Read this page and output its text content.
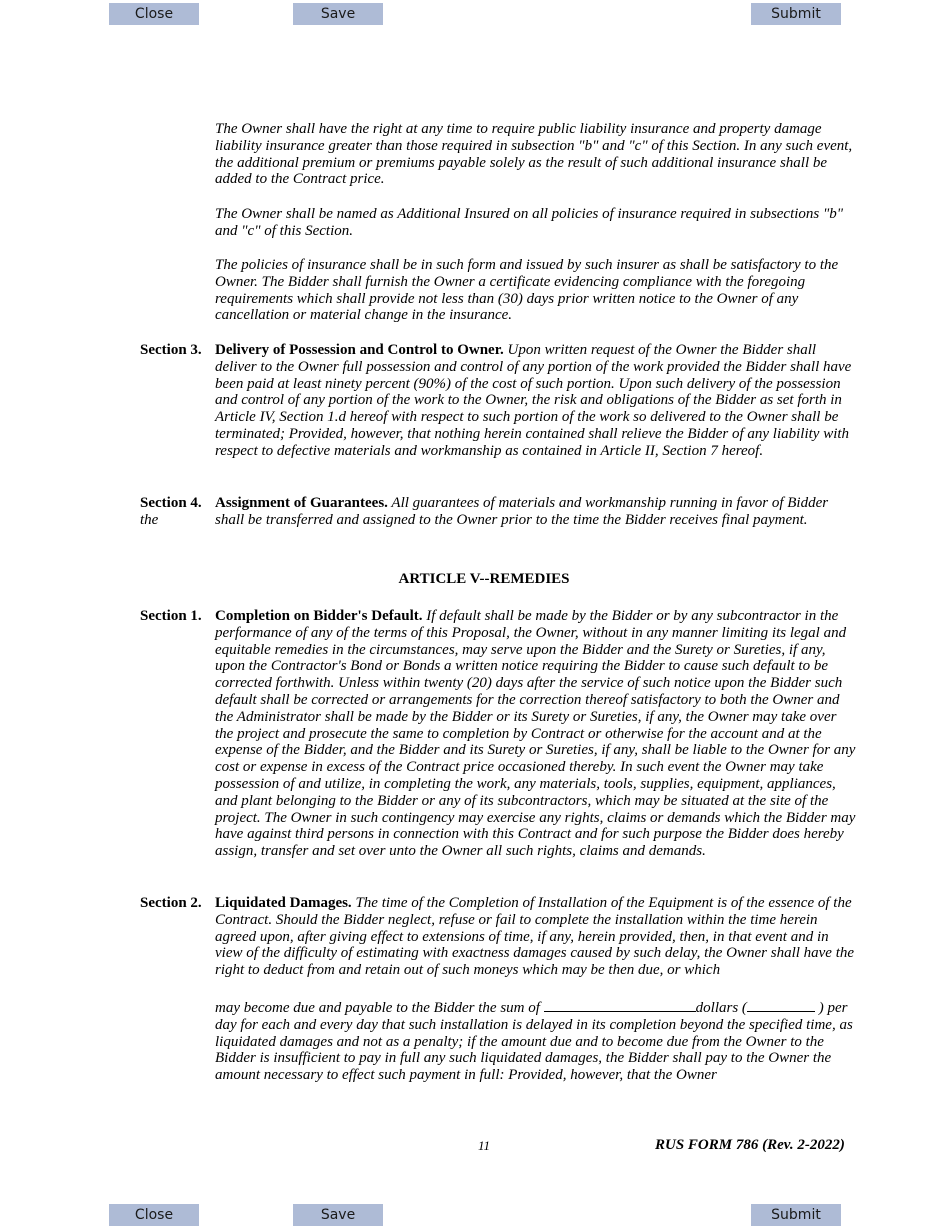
Close	Save	Submit
The Owner shall have the right at any time to require public liability insurance and property damage liability insurance greater than those required in subsection "b" and "c" of this Section. In any such event, the additional premium or premiums payable solely as the result of such additional insurance shall be added to the Contract price.
The Owner shall be named as Additional Insured on all policies of insurance required in subsections "b" and "c" of this Section.
The policies of insurance shall be in such form and issued by such insurer as shall be satisfactory to the Owner. The Bidder shall furnish the Owner a certificate evidencing compliance with the foregoing requirements which shall provide not less than (30) days prior written notice to the Owner of any cancellation or material change in the insurance.
Section 3. Delivery of Possession and Control to Owner. Upon written request of the Owner the Bidder shall deliver to the Owner full possession and control of any portion of the work provided the Bidder shall have been paid at least ninety percent (90%) of the cost of such portion. Upon such delivery of the possession and control of any portion of the work to the Owner, the risk and obligations of the Bidder as set forth in Article IV, Section 1.d hereof with respect to such portion of the work so delivered to the Owner shall be terminated; Provided, however, that nothing herein contained shall relieve the Bidder of any liability with respect to defective materials and workmanship as contained in Article II, Section 7 hereof.
Section 4.
the
Assignment of Guarantees. All guarantees of materials and workmanship running in favor of Bidder shall be transferred and assigned to the Owner prior to the time the Bidder receives final payment.
ARTICLE V--REMEDIES
Section 1. Completion on Bidder's Default. If default shall be made by the Bidder or by any subcontractor in the performance of any of the terms of this Proposal, the Owner, without in any manner limiting its legal and equitable remedies in the circumstances, may serve upon the Bidder and the Surety or Sureties, if any, upon the Contractor's Bond or Bonds a written notice requiring the Bidder to cause such default to be corrected forthwith. Unless within twenty (20) days after the service of such notice upon the Bidder such default shall be corrected or arrangements for the correction thereof satisfactory to both the Owner and the Administrator shall be made by the Bidder or its Surety or Sureties, if any, the Owner may take over the project and prosecute the same to completion by Contract or otherwise for the account and at the expense of the Bidder, and the Bidder and its Surety or Sureties, if any, shall be liable to the Owner for any cost or expense in excess of the Contract price occasioned thereby. In such event the Owner may take possession of and utilize, in completing the work, any materials, tools, supplies, equipment, appliances, and plant belonging to the Bidder or any of its subcontractors, which may be situated at the site of the project. The Owner in such contingency may exercise any rights, claims or demands which the Bidder may have against third persons in connection with this Contract and for such purpose the Bidder does hereby assign, transfer and set over unto the Owner all such rights, claims and demands.
Section 2. Liquidated Damages. The time of the Completion of Installation of the Equipment is of the essence of the Contract. Should the Bidder neglect, refuse or fail to complete the installation within the time herein agreed upon, after giving effect to extensions of time, if any, herein provided, then, in that event and in view of the difficulty of estimating with exactness damages caused by such delay, the Owner shall have the right to deduct from and retain out of such moneys which may be then due, or which
may become due and payable to the Bidder the sum of	dollars (	) per day for each and every day that such installation is delayed in its completion beyond the specified time, as liquidated damages and not as a penalty; if the amount due and to become due from the Owner to the Bidder is insufficient to pay in full any such liquidated damages, the Bidder shall pay to the Owner the amount necessary to effect such payment in full: Provided, however, that the Owner
11	RUS FORM 786 (Rev. 2-2022)
Close	Save	Submit
